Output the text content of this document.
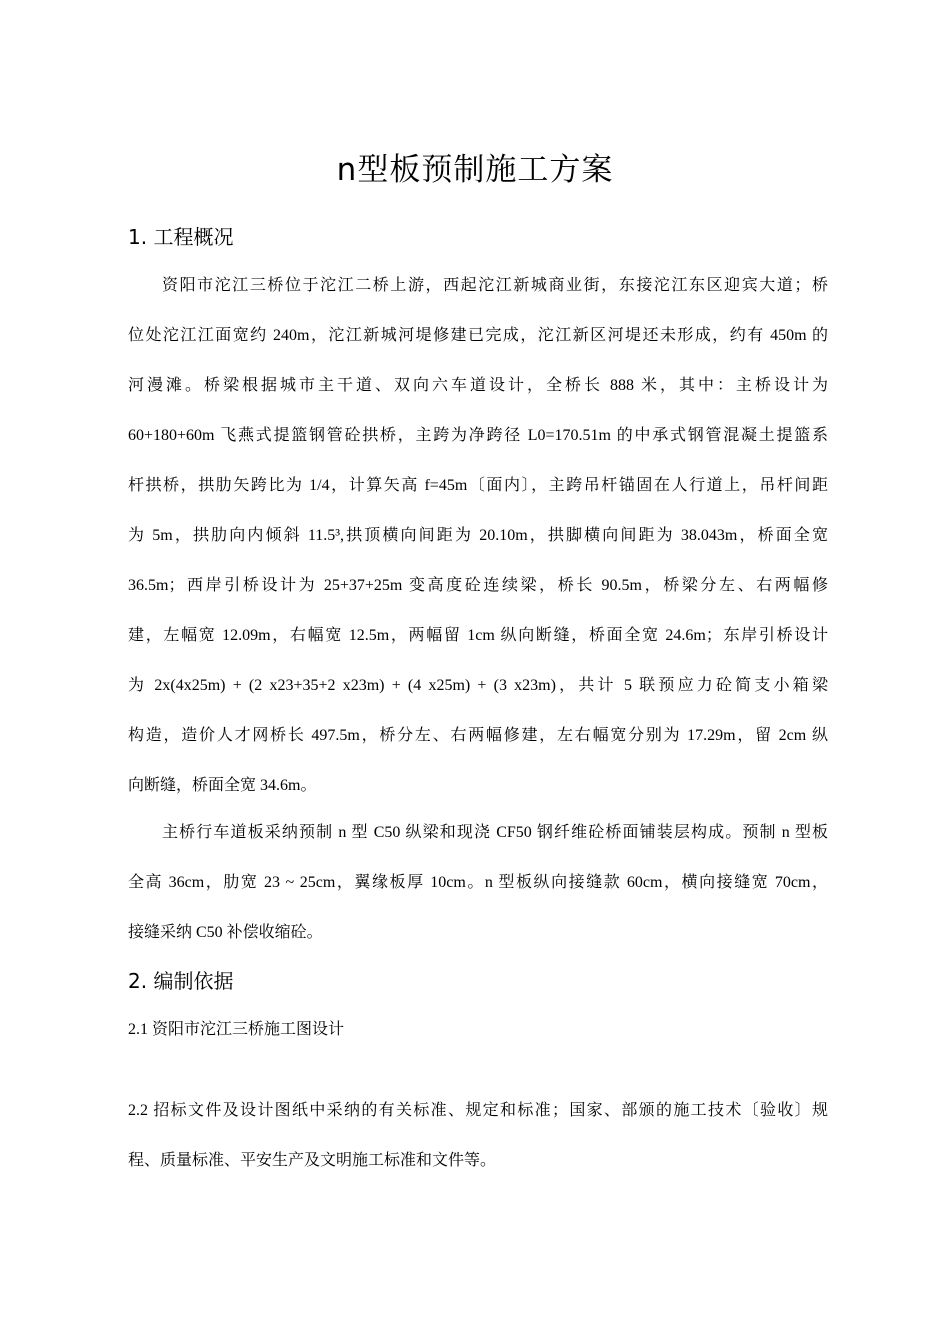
n型板预制施工方案
1. 工程概况
资阳市沱江三桥位于沱江二桥上游，西起沱江新城商业街，东接沱江东区迎宾大道；桥
位处沱江江面宽约 240m，沱江新城河堤修建已完成，沱江新区河堤还未形成，约有 450m 的
河漫滩。桥梁根据城市主干道、双向六车道设计，全桥长 888 米，其中：主桥设计为
60+180+60m 飞燕式提篮钢管砼拱桥，主跨为净跨径 L0=170.51m 的中承式钢管混凝土提篮系
杆拱桥，拱肋矢跨比为 1/4，计算矢高 f=45m〔面内〕，主跨吊杆锚固在人行道上，吊杆间距
为 5m，拱肋向内倾斜 11.5³,拱顶横向间距为 20.10m，拱脚横向间距为 38.043m，桥面全宽
36.5m；西岸引桥设计为 25+37+25m 变高度砼连续梁，桥长 90.5m，桥梁分左、右两幅修
建，左幅宽 12.09m，右幅宽 12.5m，两幅留 1cm 纵向断缝，桥面全宽 24.6m；东岸引桥设计
为 2x(4x25m) + (2 x23+35+2 x23m) + (4 x25m) + (3 x23m)，共计 5 联预应力砼简支小箱梁
构造，造价人才网桥长 497.5m，桥分左、右两幅修建，左右幅宽分别为 17.29m，留 2cm 纵
向断缝，桥面全宽 34.6m。
主桥行车道板采纳预制 n 型 C50 纵梁和现浇 CF50 钢纤维砼桥面铺装层构成。预制 n 型板
全高 36cm，肋宽 23 ~ 25cm，翼缘板厚 10cm。n 型板纵向接缝款 60cm，横向接缝宽 70cm，
接缝采纳 C50 补偿收缩砼。
2. 编制依据
2.1 资阳市沱江三桥施工图设计
2.2 招标文件及设计图纸中采纳的有关标准、规定和标准；国家、部颁的施工技术〔验收〕规
程、质量标准、平安生产及文明施工标准和文件等。
